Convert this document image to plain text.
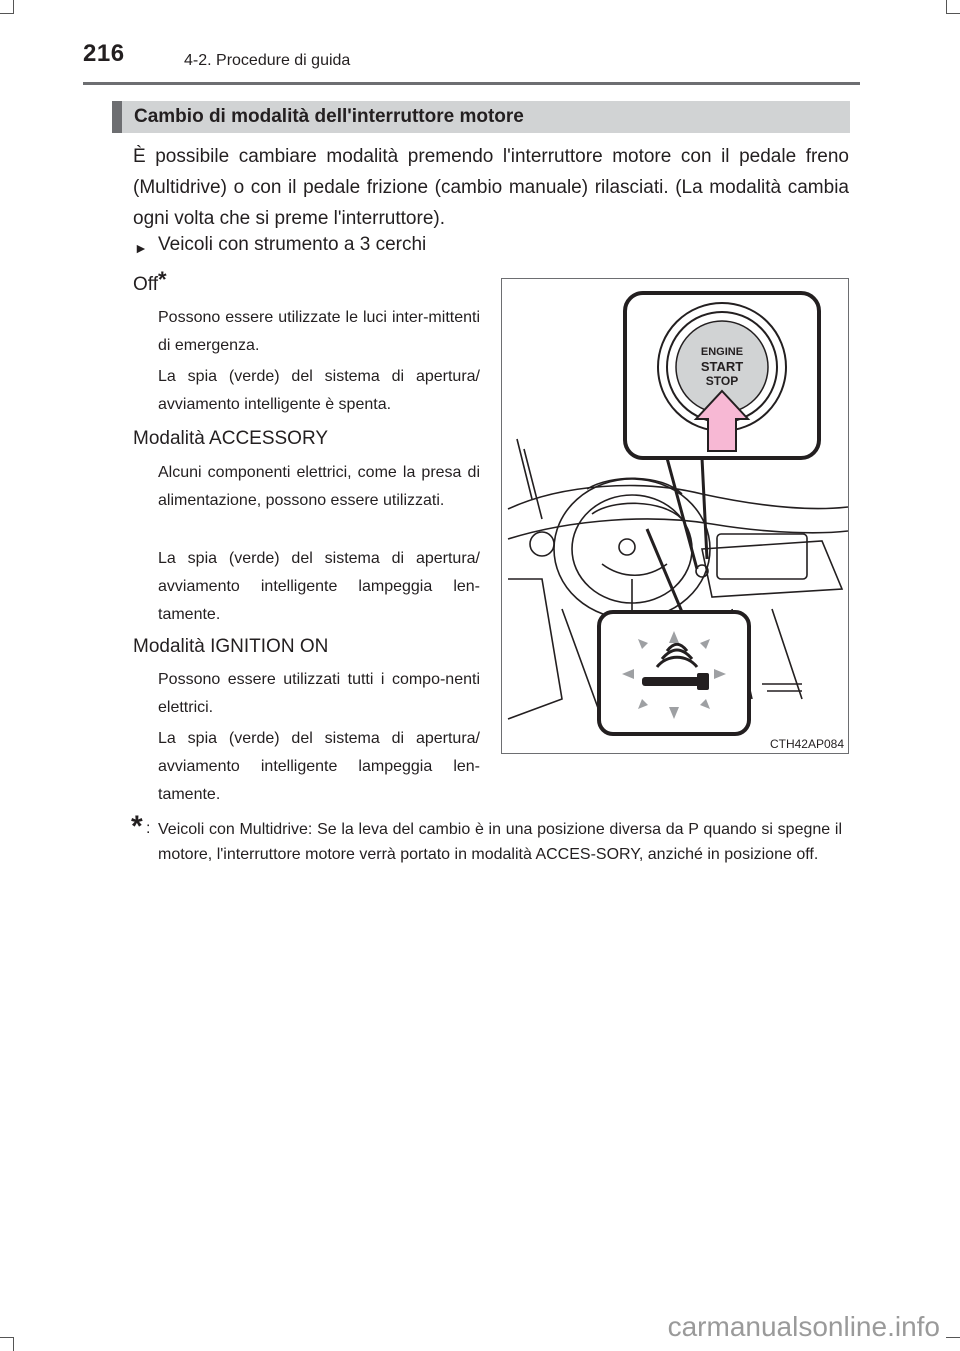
216	4-2. Procedure di guida
Cambio di modalità dell'interruttore motore
È possibile cambiare modalità premendo l'interruttore motore con il pedale freno (Multidrive) o con il pedale frizione (cambio manuale) rilasciati. (La modalità cambia ogni volta che si preme l'interruttore).
► Veicoli con strumento a 3 cerchi
Off*
Possono essere utilizzate le luci inter-mittenti di emergenza.
La spia (verde) del sistema di apertura/ avviamento intelligente è spenta.
Modalità ACCESSORY
Alcuni componenti elettrici, come la presa di alimentazione, possono essere utilizzati.
La spia (verde) del sistema di apertura/ avviamento intelligente lampeggia len-tamente.
Modalità IGNITION ON
Possono essere utilizzati tutti i compo-nenti elettrici.
La spia (verde) del sistema di apertura/ avviamento intelligente lampeggia len-tamente.
ENGINE
START
STOP
CTH42AP084
* : Veicoli con Multidrive: Se la leva del cambio è in una posizione diversa da P quando si spegne il motore, l'interruttore motore verrà portato in modalità ACCES-SORY, anziché in posizione off.
carmanualsonline.info
